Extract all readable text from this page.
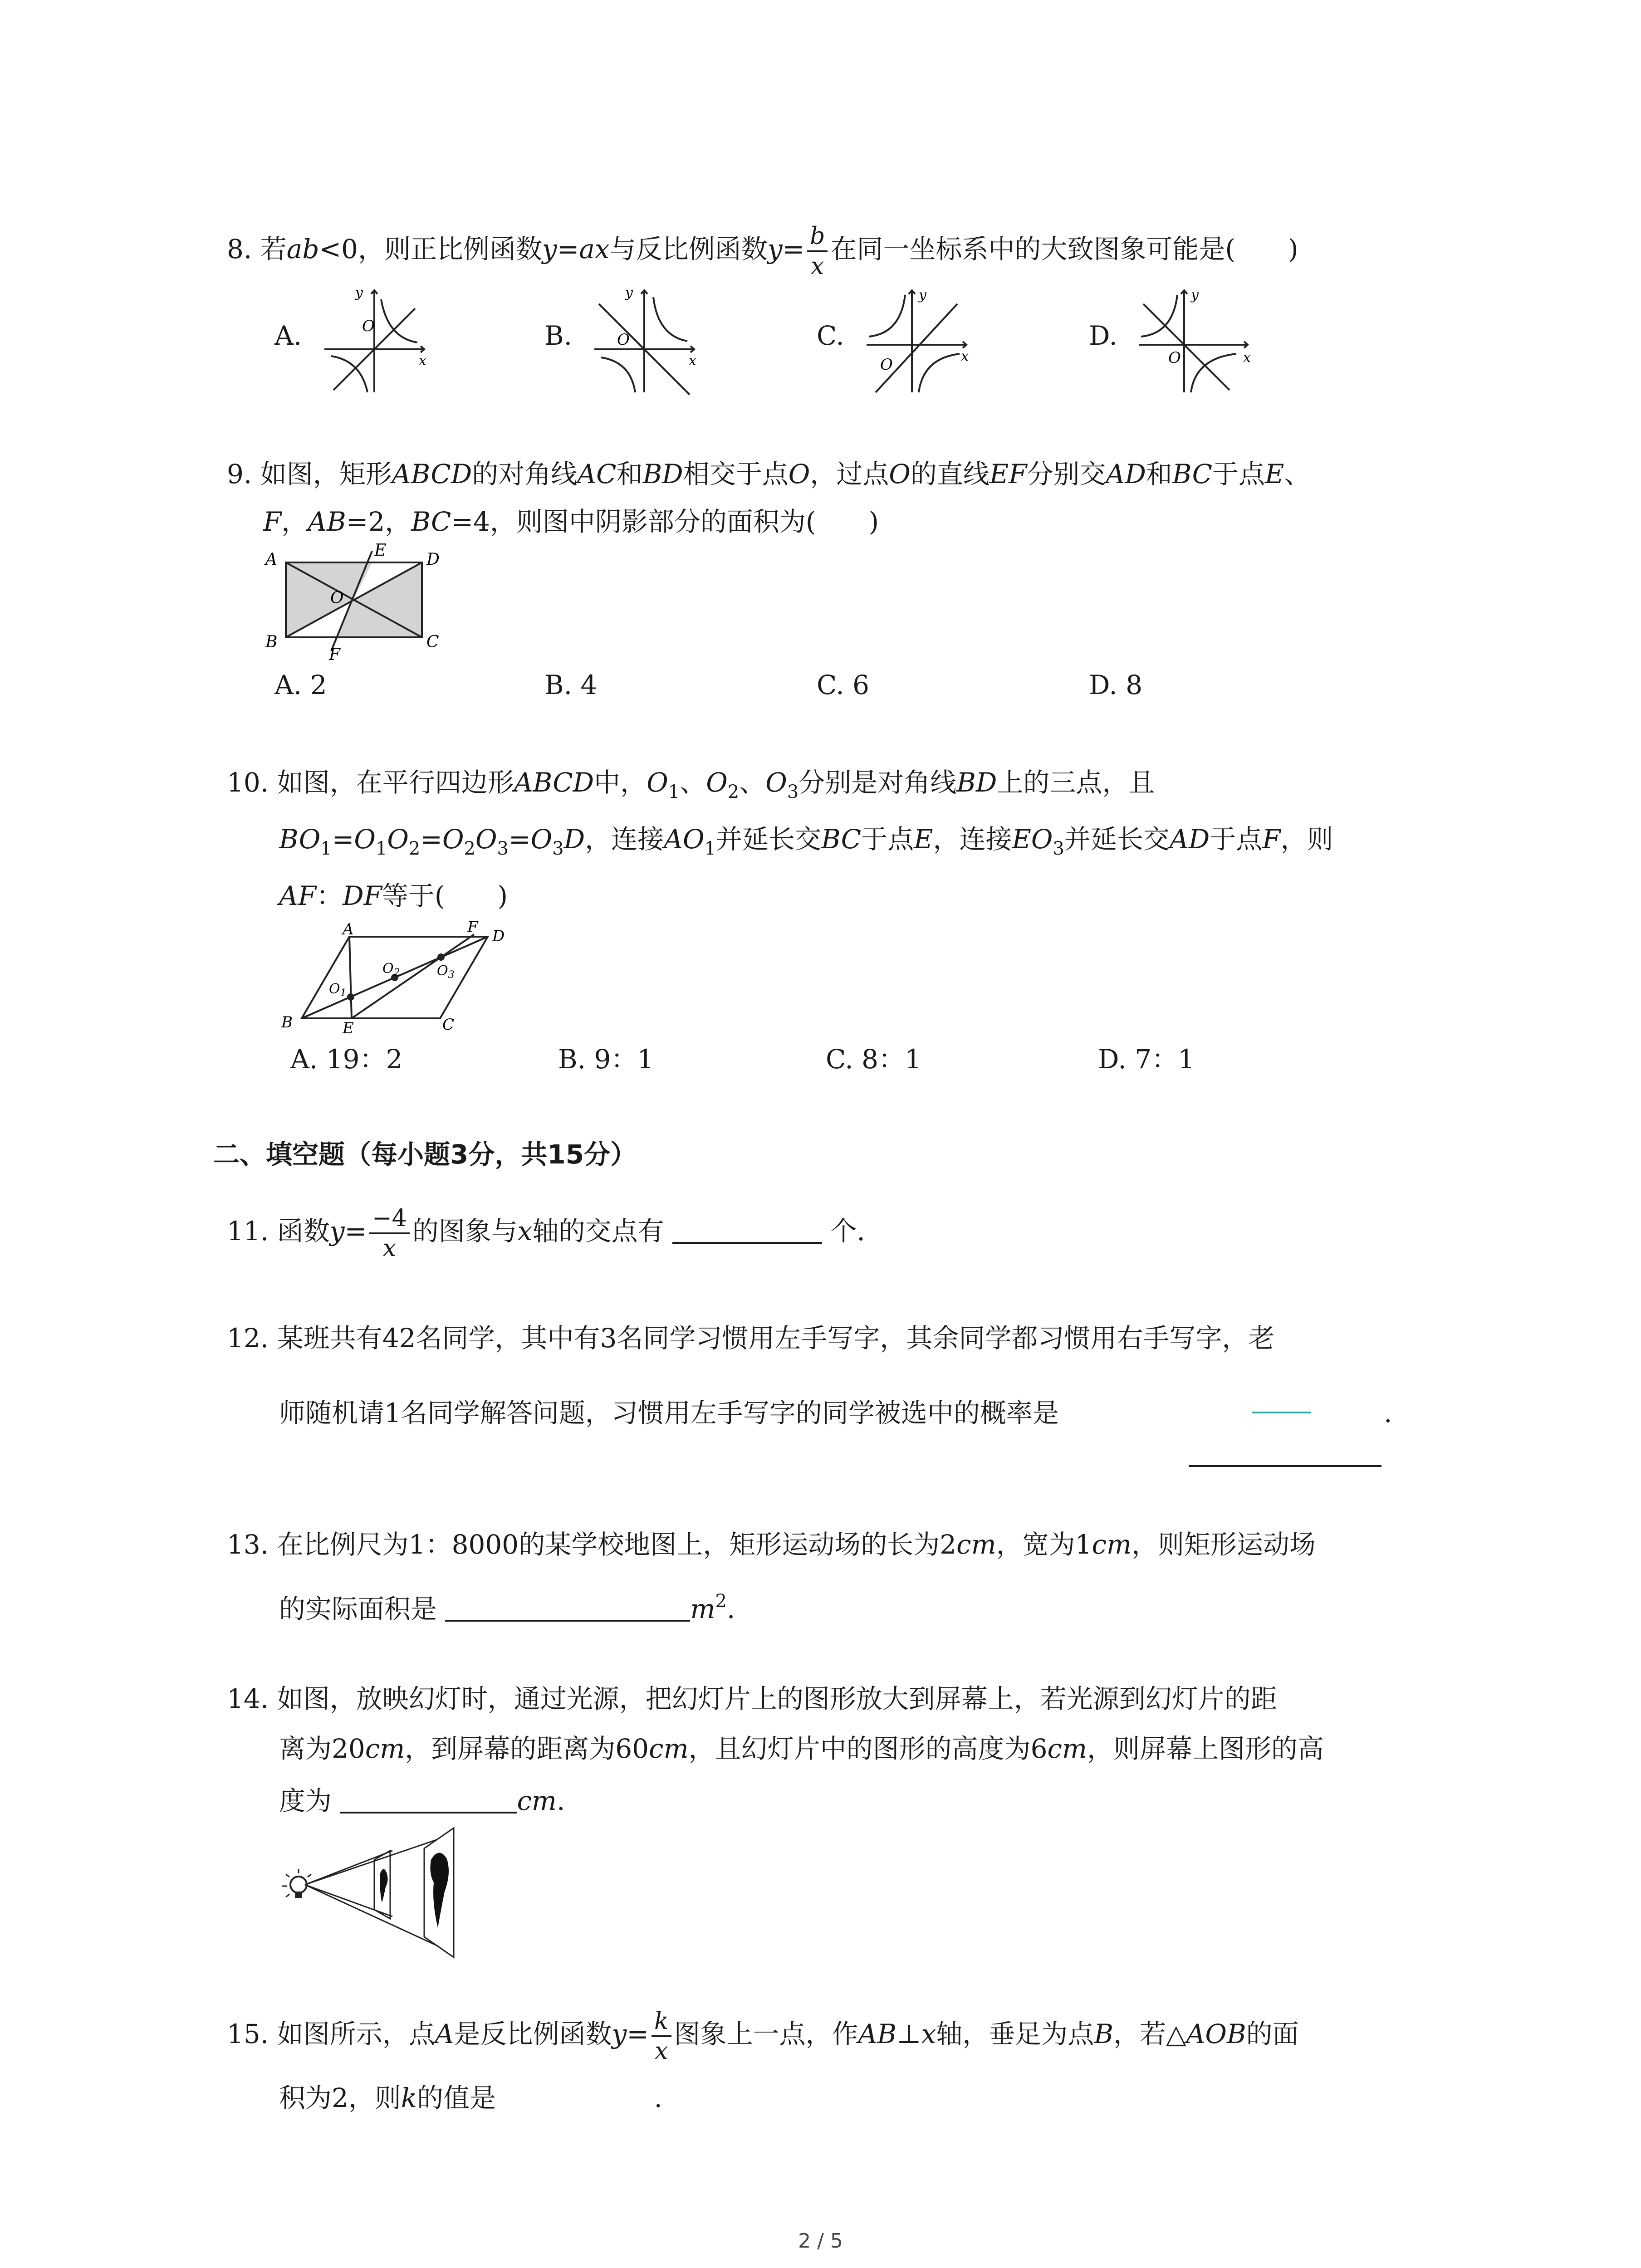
8. 若ab<0，则正比例函数y=ax与反比例函数$y= \frac{b}{x}$ 在同一坐标系中的大致图象可能是(　　)
A.	B.	C.	D.
O
x
y
O
x
y
O	x
y
O	x
y
9. 如图，矩形ABCD的对角线AC和BD相交于点O，过点O的直线EF分别交AD和BC于点E、
F，AB=2，BC=4，则图中阴影部分的面积为(　　)
A
B	C
D
E
F
O
A. 2	B. 4	C. 6	D. 8
10. 如图，在平行四边形ABCD中，$O_1$、$O_2$、$O_3$分别是对角线BD上的三点，且
$BO_1=O_1O_2=O_2O_3=O_3D$，连接$AO_1$并延长交BC于点E，连接$EO_3$并延长交AD于点F，则
AF：DF等于(　　)
A
B	C
D
E
F
$O_1$
$O_2$	$O_3$
A. 19：2	B. 9：1	C. 8：1	D. 7：1
二、填空题（每小题3分，共15分）
11. 函数$y= \frac{-4}{x}$ 的图象与x轴的交点有	个.
12. 某班共有42名同学，其中有3名同学习惯用左手写字，其余同学都习惯用右手写字，老
师随机请1名同学解答问题，习惯用左手写字的同学被选中的概率是	.
13. 在比例尺为1：8000的某学校地图上，矩形运动场的长为2cm，宽为1cm，则矩形运动场
的实际面积是	$m^2$.
14. 如图，放映幻灯时，通过光源，把幻灯片上的图形放大到屏幕上，若光源到幻灯片的距
离为20cm，到屏幕的距离为60cm，且幻灯片中的图形的高度为6cm，则屏幕上图形的高
度为	cm.
15. 如图所示，点A是反比例函数$y= \frac{k}{x}$ 图象上一点，作AB⊥x轴，垂足为点B，若△AOB的面
积为2，则k的值是	.
2 / 5
